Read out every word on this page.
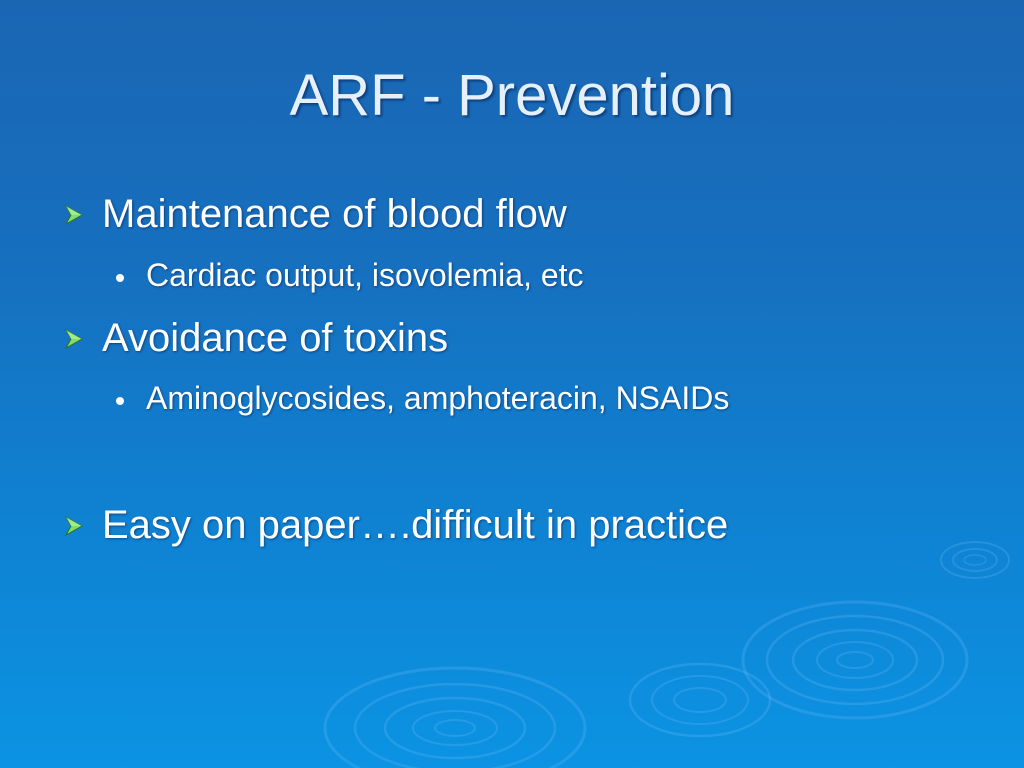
ARF - Prevention
Maintenance of blood flow
Cardiac output, isovolemia, etc
Avoidance of toxins
Aminoglycosides, amphoteracin, NSAIDs
Easy on paper….difficult in practice
